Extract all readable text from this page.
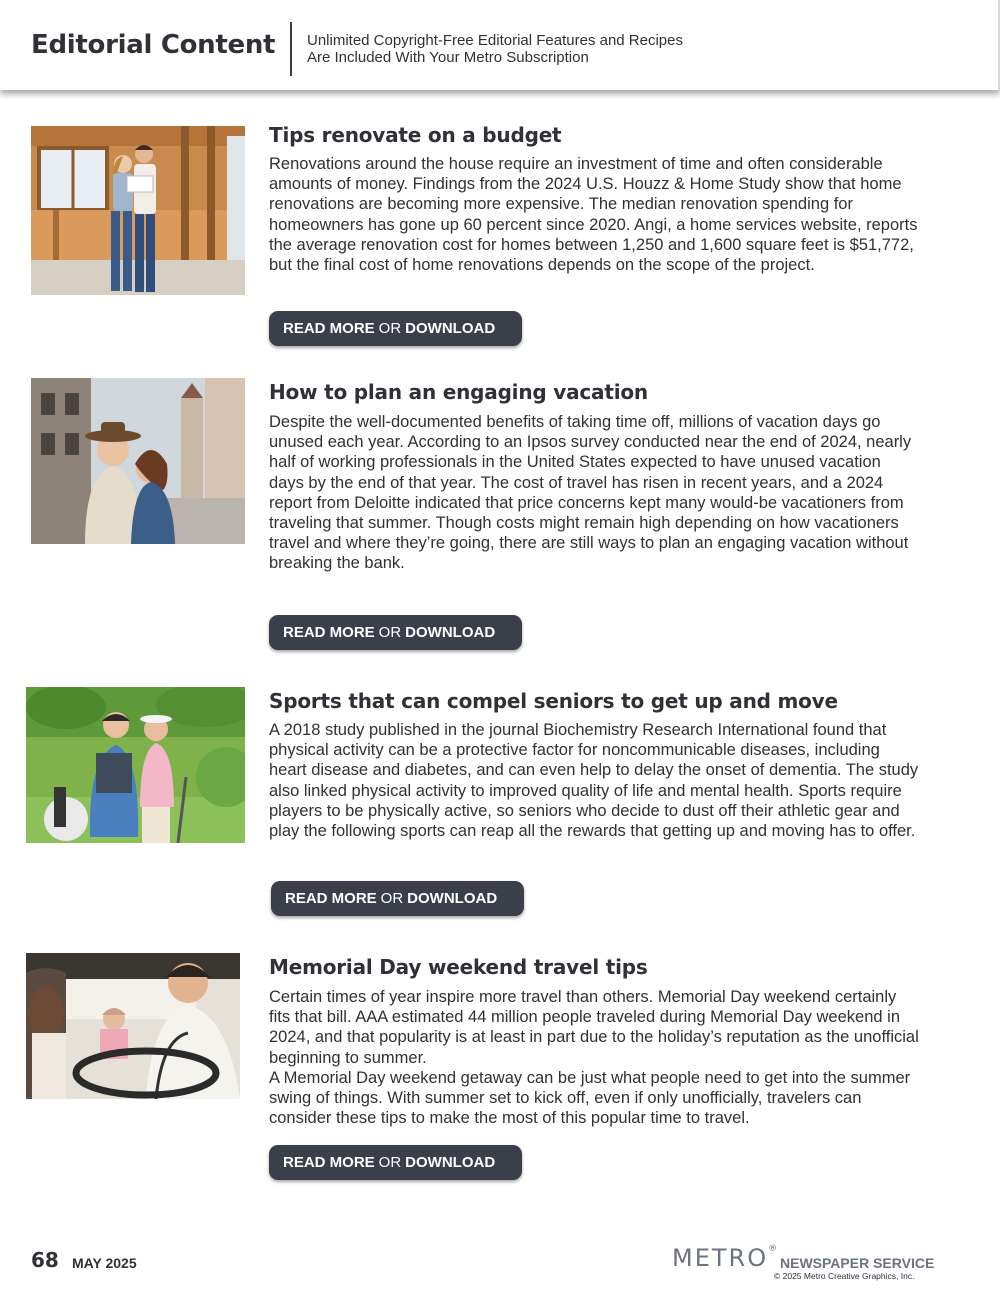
Editorial Content Unlimited Copyright-Free Editorial Features and Recipes
Are Included With Your Metro Subscription
Tips renovate on a budget

Renovations around the house require an investment of time and often considerable amounts of money. Findings from the 2024 U.S. Houzz & Home Study show that home renovations are becoming more expensive. The median renovation spending for homeowners has gone up 60 percent since 2020. Angi, a home services website, reports the average renovation cost for homes between 1,250 and 1,600 square feet is $51,772, but the final cost of home renovations depends on the scope of the project.

READ MORE OR DOWNLOAD
How to plan an engaging vacation

Despite the well-documented benefits of taking time off, millions of vacation days go unused each year. According to an Ipsos survey conducted near the end of 2024, nearly half of working professionals in the United States expected to have unused vacation days by the end of that year. The cost of travel has risen in recent years, and a 2024 report from Deloitte indicated that price concerns kept many would-be vacationers from traveling that summer. Though costs might remain high depending on how vacationers travel and where they’re going, there are still ways to plan an engaging vacation without breaking the bank.

READ MORE OR DOWNLOAD
Sports that can compel seniors to get up and move

A 2018 study published in the journal Biochemistry Research International found that physical activity can be a protective factor for noncommunicable diseases, including heart disease and diabetes, and can even help to delay the onset of dementia. The study also linked physical activity to improved quality of life and mental health. Sports require players to be physically active, so seniors who decide to dust off their athletic gear and play the following sports can reap all the rewards that getting up and moving has to offer.

READ MORE OR DOWNLOAD
Memorial Day weekend travel tips

Certain times of year inspire more travel than others. Memorial Day weekend certainly fits that bill. AAA estimated 44 million people traveled during Memorial Day weekend in 2024, and that popularity is at least in part due to the holiday’s reputation as the unofficial beginning to summer.
A Memorial Day weekend getaway can be just what people need to get into the summer swing of things. With summer set to kick off, even if only unofficially, travelers can consider these tips to make the most of this popular time to travel.

READ MORE OR DOWNLOAD
68 MAY 2025	METRO®
NEWSPAPER SERVICE
© 2025 Metro Creative Graphics, Inc.
